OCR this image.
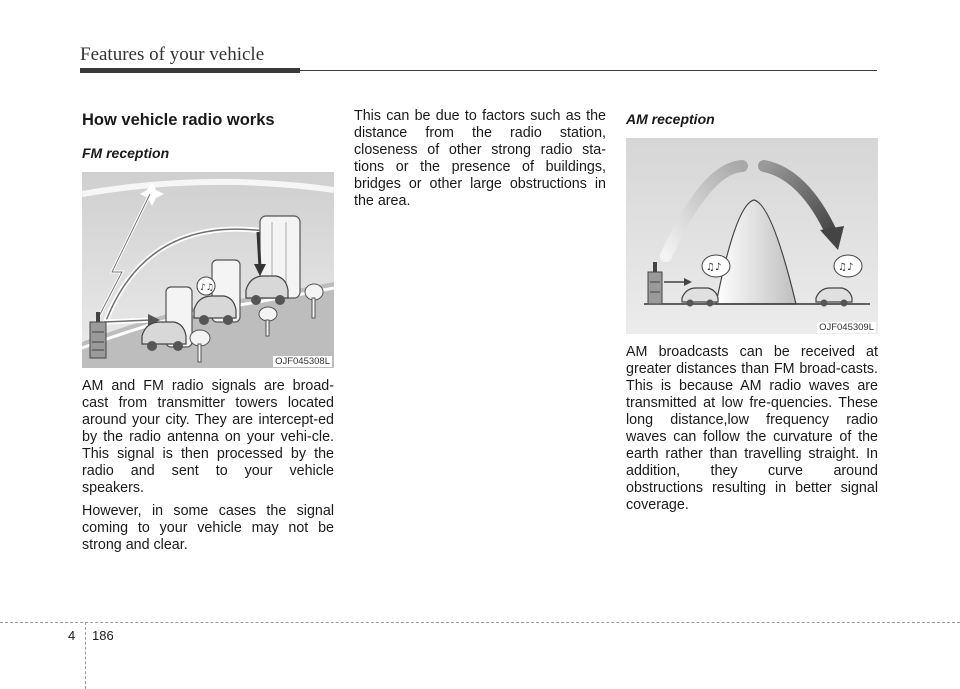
Features of your vehicle
How vehicle radio works
FM reception
♪♫
OJF045308L

AM and FM radio signals are broad-cast from transmitter towers located around your city. They are intercept-ed by the radio antenna on your vehi-cle. This signal is then processed by the radio and sent to your vehicle speakers.

However, in some cases the signal coming to your vehicle may not be strong and clear.

This can be due to factors such as the distance from the radio station, closeness of other strong radio sta-tions or the presence of buildings, bridges or other large obstructions in the area.

AM reception
♫♪	♫♪
OJF045309L

AM broadcasts can be received at greater distances than FM broad-casts. This is because AM radio waves are transmitted at low fre-quencies. These long distance,low frequency radio waves can follow the curvature of the earth rather than travelling straight. In addition, they curve around obstructions resulting in better signal coverage.

4 186
